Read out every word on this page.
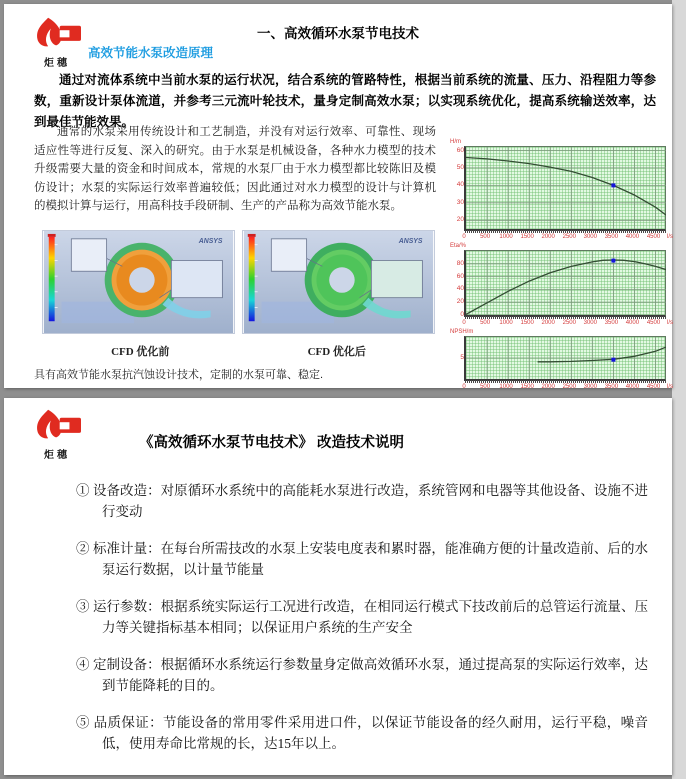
炬穗
一、高效循环水泵节电技术
高效节能水泵改造原理
通过对流体系统中当前水泵的运行状况，结合系统的管路特性，根据当前系统的流量、压力、沿程阻力等参数，重新设计泵体流道，并参考三元流叶轮技术，量身定制高效水泵；以实现系统优化，提高系统输送效率，达到最佳节能效果。
通常的水泵采用传统设计和工艺制造，并没有对运行效率、可靠性、现场适应性等进行反复、深入的研究。由于水泵是机械设备，各种水力模型的技术升级需要大量的资金和时间成本，常规的水泵厂由于水力模型都比较陈旧及模仿设计；水泵的实际运行效率普遍较低；因此通过对水力模型的设计与计算机的模拟计算与运行，用高科技手段研制、生产的产品称为高效节能水泵。
ANSYS	ANSYS
CFD 优化前	CFD 优化后
具有高效节能水泵抗汽蚀设计技术，定制的水泵可靠、稳定.
H/m
20
30
40
50
60
0	500	1000	1500	2000	2500	3000	3500	4000	4500	l/s
Eta/%
0
20
40
60
80
0	500	1000	1500	2000	2500	3000	3500	4000	4500	l/s
NPSH/m
5
0	500	1000	1500	2000	2500	3000	3500	4000	4500	l/s
炬穗
《高效循环水泵节电技术》 改造技术说明
① 设备改造：对原循环水系统中的高能耗水泵进行改造，系统管网和电器等其他设备、设施不进行变动
② 标准计量：在每台所需技改的水泵上安装电度表和累时器，能准确方便的计量改造前、后的水泵运行数据，以计量节能量
③ 运行参数：根据系统实际运行工况进行改造，在相同运行模式下技改前后的总管运行流量、压力等关键指标基本相同；以保证用户系统的生产安全
④ 定制设备：根据循环水系统运行参数量身定做高效循环水泵，通过提高泵的实际运行效率，达到节能降耗的目的。
⑤ 品质保证：节能设备的常用零件采用进口件，以保证节能设备的经久耐用，运行平稳，噪音低，使用寿命比常规的长，达15年以上。
